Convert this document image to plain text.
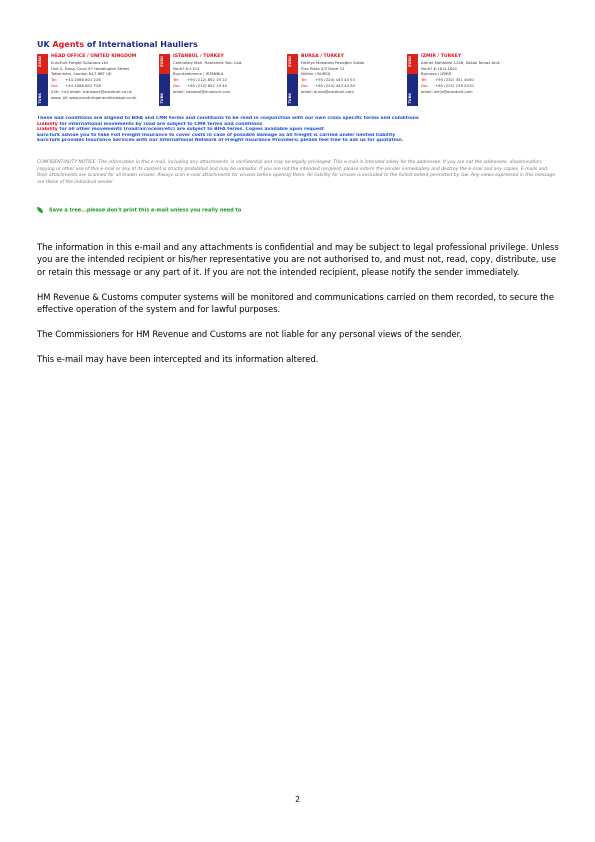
UK Agents of International Hauliers
EURO
TURK
HEAD OFFICE / UNITED KINGDOM
EuroTurk Freight Solutions Ltd
Unit 4, Daisy Court 97 Headington Street
Tottenham, London N17 8BT UK
Tel: +44 2088 801 226
Fax: +44 2088 801 726
24h: +44 email: transport@euroturk.co.uk
www: UK www.euroturkgeneralhaulage.co.uk
EURO
TURK
ISTANBUL / TURKEY
Cekmekoy Mah. Hamamlik Yolu Cad.
No:67 K:2 D:4
Buyukcekmece / ISTANBUL
Tel: +90 (212) 852 19 22
Fax: +90 (212) 852 19 44
email: istanbul@euroturk.com
EURO
TURK
BURSA / TURKEY
Fethiye Mahallesi Fesleğen Sokak
Flas Plaza 2/3 Daire 12
Nilüfer / BURSA
Tel: +90 (224) 443 44 53
Fax: +90 (224) 443 44 50
email: bursa@euroturk.com
EURO
TURK
IZMIR / TURKEY
Altinet Mahallesi 1206, Sokak Tomas Anik
No:67 K:16 D:1601
Bornova / IZMIR
Tel: +90 (232) 351 4000
Fax: +90 (232) 239 5470
email: izmir@euroturk.com
These and conditions are aligned to BIFA and CMR terms and conditions to be read in conjunction with our own cross specific terms and conditions
Liability for international movements by road are subject to CMR terms and conditions
Liability for all other movements (road/air/ocean/etc) are subject to BIFA terms. Copies available upon request
EuroTurk advise you to take Full Freight Insurance to cover costs in case of possible damage as all freight is carried under limited liability
EuroTurk provides Insurance Services with our International Network of Freight Insurance Providers; please feel free to ask us for quotation.
CONFIDENTIALITY NOTICE: The information in this e-mail, including any attachments, is confidential and may be legally privileged. This e-mail is intended solely for the addressee. If you are not the addressee, dissemination, copying or other use of this e-mail or any of its content is strictly prohibited and may be unlawful. If you are not the intended recipient, please inform the sender immediately and destroy the e-mail and any copies. E-mails and their attachments are scanned for all known viruses. Always scan e-mail attachments for viruses before opening them. All liability for viruses is excluded to the fullest extent permitted by law. Any views expressed in this message are those of the individual sender
Save a tree...please don't print this e-mail unless you really need to

The information in this e-mail and any attachments is confidential and may be subject to legal professional privilege. Unless you are the intended recipient or his/her representative you are not authorised to, and must not, read, copy, distribute, use or retain this message or any part of it. If you are not the intended recipient, please notify the sender immediately.

HM Revenue & Customs computer systems will be monitored and communications carried on them recorded, to secure the effective operation of the system and for lawful purposes.

The Commissioners for HM Revenue and Customs are not liable for any personal views of the sender.

This e-mail may have been intercepted and its information altered.

2
